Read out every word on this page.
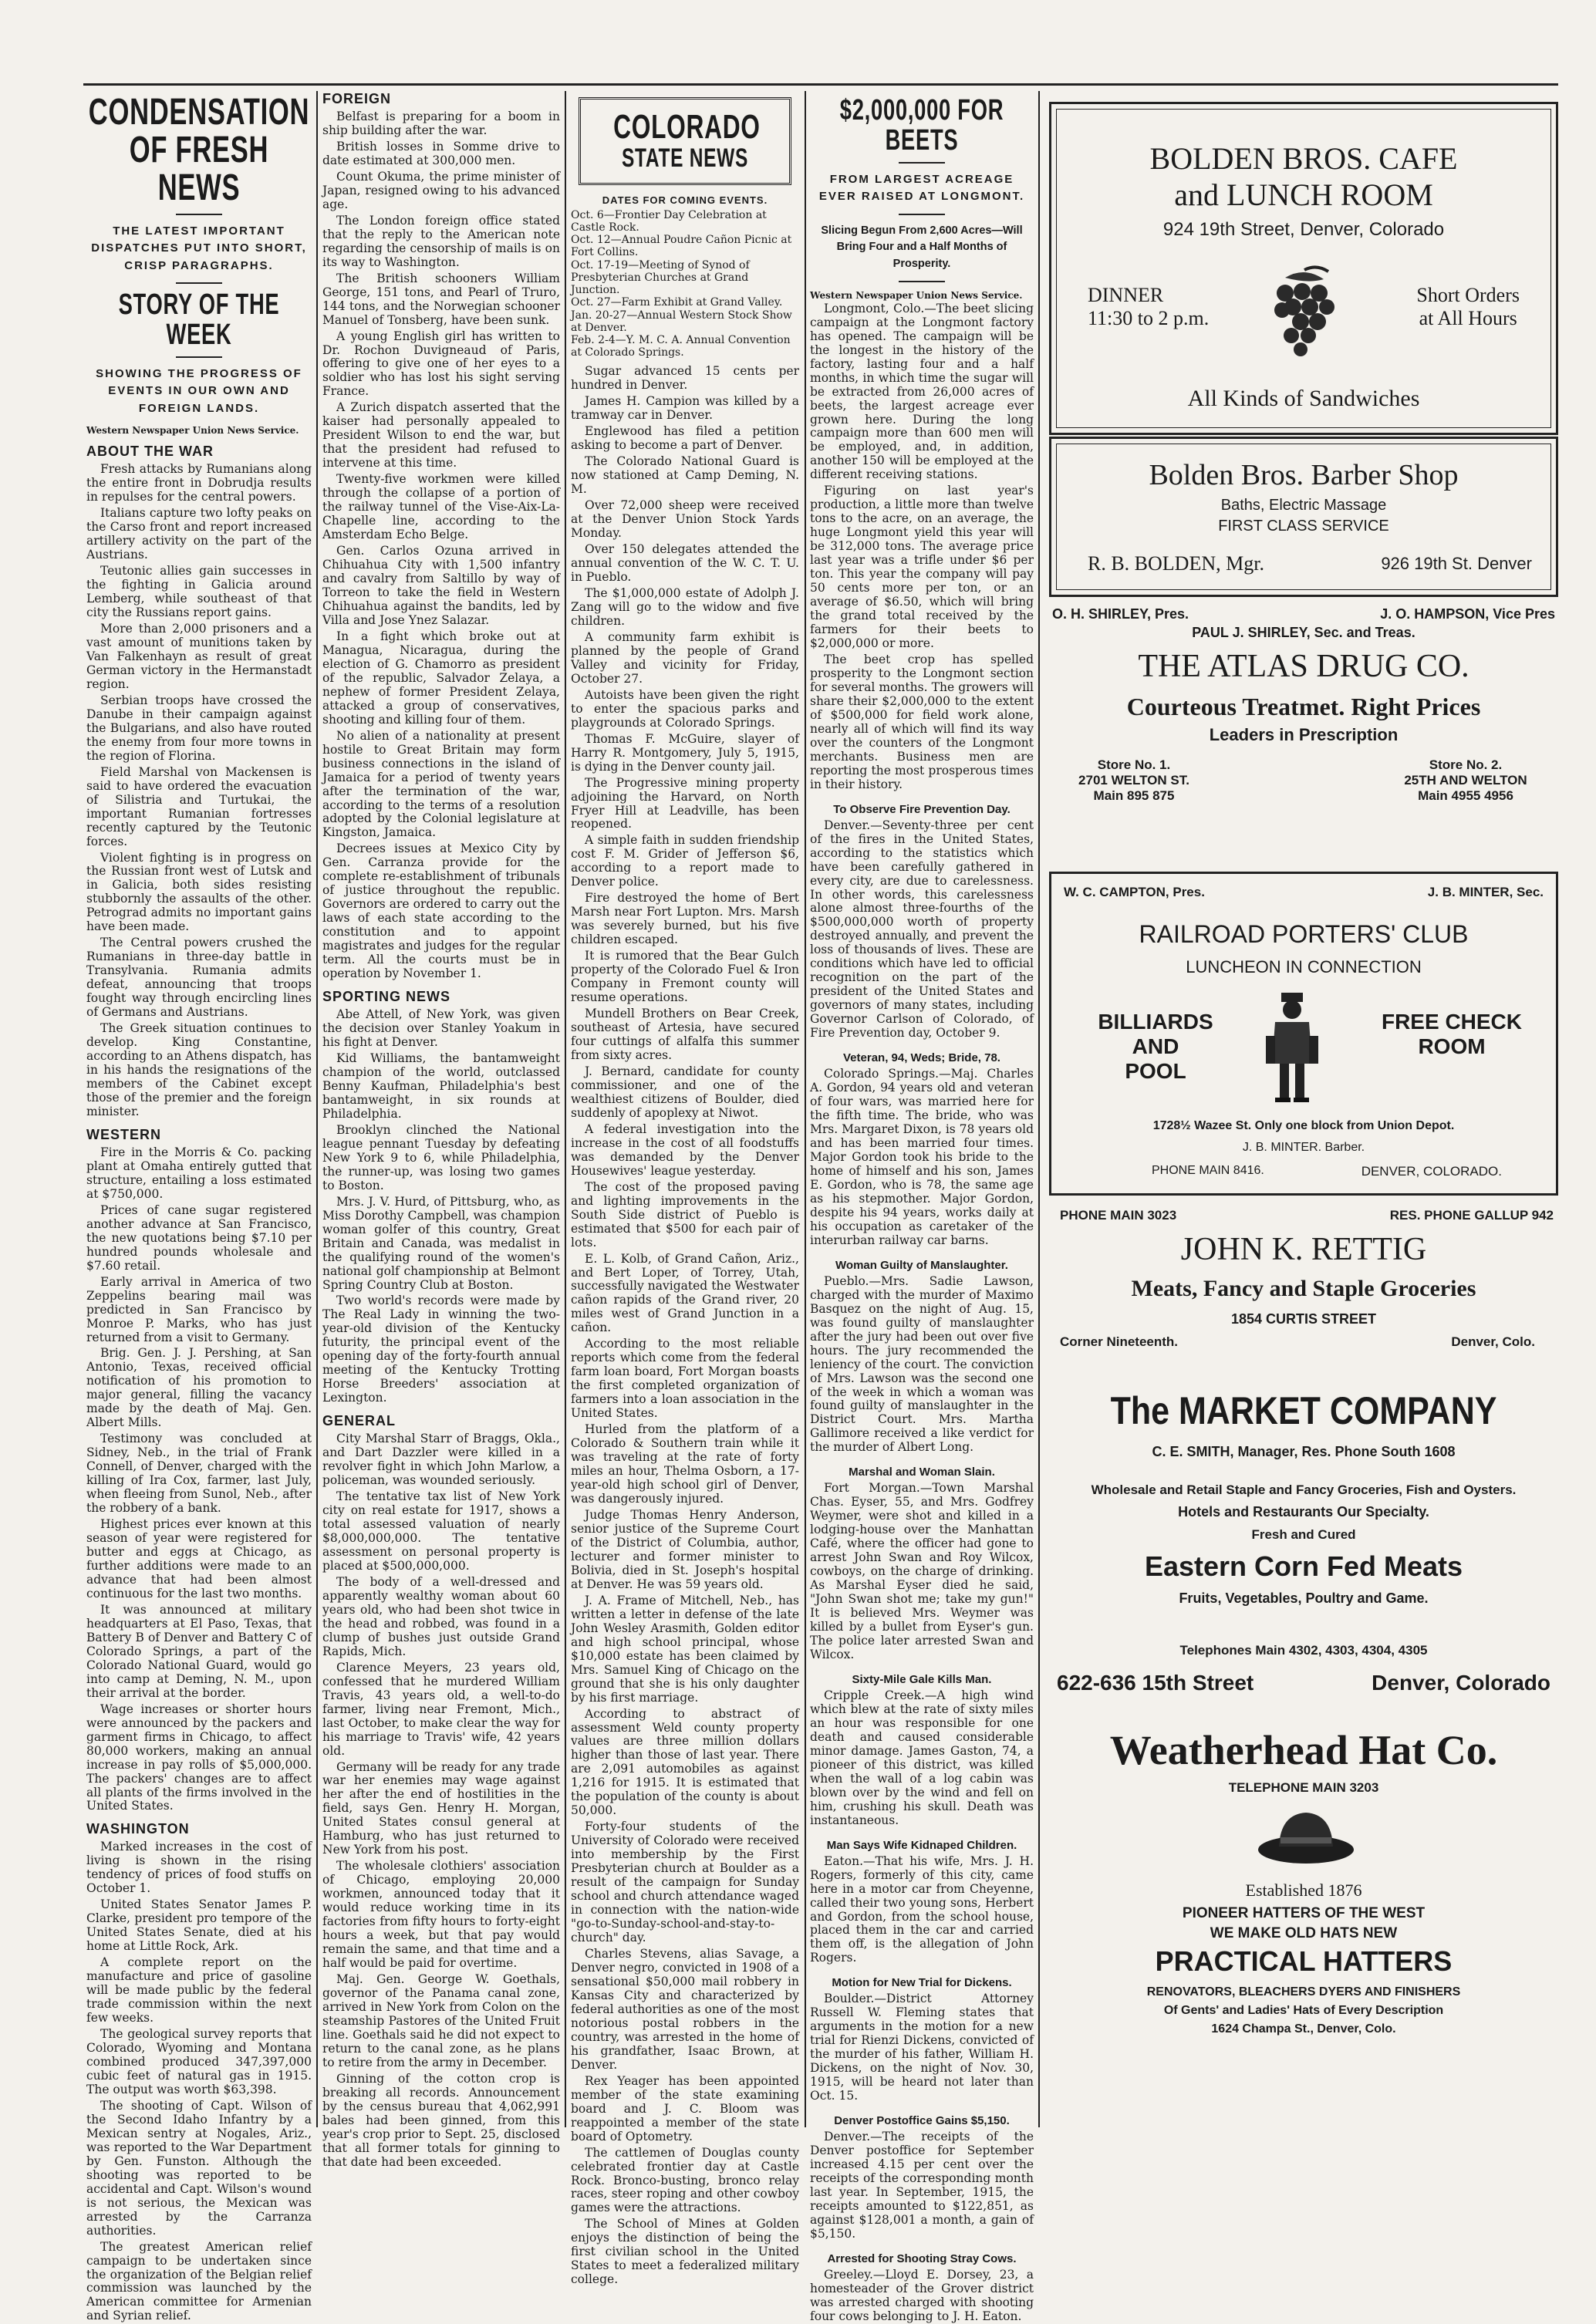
CONDENSATION OF FRESH NEWS
THE LATEST IMPORTANT DISPATCHES PUT INTO SHORT, CRISP PARAGRAPHS.
STORY OF THE WEEK
SHOWING THE PROGRESS OF EVENTS IN OUR OWN AND FOREIGN LANDS.
Western Newspaper Union News Service.
ABOUT THE WAR

Fresh attacks by Rumanians along the entire front in Dobrudja results in repulses for the central powers.

Italians capture two lofty peaks on the Carso front and report increased artillery activity on the part of the Austrians.

Teutonic allies gain successes in the fighting in Galicia around Lemberg, while southeast of that city the Russians report gains.

More than 2,000 prisoners and a vast amount of munitions taken by Van Falkenhayn as result of great German victory in the Hermanstadt region.

Serbian troops have crossed the Danube in their campaign against the Bulgarians, and also have routed the enemy from four more towns in the region of Florina.

Field Marshal von Mackensen is said to have ordered the evacuation of Silistria and Turtukai, the important Rumanian fortresses recently captured by the Teutonic forces.

Violent fighting is in progress on the Russian front west of Lutsk and in Galicia, both sides resisting stubbornly the assaults of the other. Petrograd admits no important gains have been made.

The Central powers crushed the Rumanians in three-day battle in Transylvania. Rumania admits defeat, announcing that troops fought way through encircling lines of Germans and Austrians.

The Greek situation continues to develop. King Constantine, according to an Athens dispatch, has in his hands the resignations of the members of the Cabinet except those of the premier and the foreign minister.

WESTERN

Fire in the Morris & Co. packing plant at Omaha entirely gutted that structure, entailing a loss estimated at $750,000.

Prices of cane sugar registered another advance at San Francisco, the new quotations being $7.10 per hundred pounds wholesale and $7.60 retail.

Early arrival in America of two Zeppelins bearing mail was predicted in San Francisco by Monroe P. Marks, who has just returned from a visit to Germany.

Brig. Gen. J. J. Pershing, at San Antonio, Texas, received official notification of his promotion to major general, filling the vacancy made by the death of Maj. Gen. Albert Mills.

Testimony was concluded at Sidney, Neb., in the trial of Frank Connell, of Denver, charged with the killing of Ira Cox, farmer, last July, when fleeing from Sunol, Neb., after the robbery of a bank.

Highest prices ever known at this season of year were registered for butter and eggs at Chicago, as further additions were made to an advance that had been almost continuous for the last two months.

It was announced at military headquarters at El Paso, Texas, that Battery B of Denver and Battery C of Colorado Springs, a part of the Colorado National Guard, would go into camp at Deming, N. M., upon their arrival at the border.

Wage increases or shorter hours were announced by the packers and garment firms in Chicago, to affect 80,000 workers, making an annual increase in pay rolls of $5,000,000. The packers' changes are to affect all plants of the firms involved in the United States.

WASHINGTON

Marked increases in the cost of living is shown in the rising tendency of prices of food stuffs on October 1.

United States Senator James P. Clarke, president pro tempore of the United States Senate, died at his home at Little Rock, Ark.

A complete report on the manufacture and price of gasoline will be made public by the federal trade commission within the next few weeks.

The geological survey reports that Colorado, Wyoming and Montana combined produced 347,397,000 cubic feet of natural gas in 1915. The output was worth $63,398.

The shooting of Capt. Wilson of the Second Idaho Infantry by a Mexican sentry at Nogales, Ariz., was reported to the War Department by Gen. Funston. Although the shooting was reported to be accidental and Capt. Wilson's wound is not serious, the Mexican was arrested by the Carranza authorities.

The greatest American relief campaign to be undertaken since the organization of the Belgian relief commission was launched by the American committee for Armenian and Syrian relief.

FOREIGN

Belfast is preparing for a boom in ship building after the war.

British losses in Somme drive to date estimated at 300,000 men.

Count Okuma, the prime minister of Japan, resigned owing to his advanced age.

The London foreign office stated that the reply to the American note regarding the censorship of mails is on its way to Washington.

The British schooners William George, 151 tons, and Pearl of Truro, 144 tons, and the Norwegian schooner Manuel of Tonsberg, have been sunk.

A young English girl has written to Dr. Rochon Duvigneaud of Paris, offering to give one of her eyes to a soldier who has lost his sight serving France.

A Zurich dispatch asserted that the kaiser had personally appealed to President Wilson to end the war, but that the president had refused to intervene at this time.

Twenty-five workmen were killed through the collapse of a portion of the railway tunnel of the Vise-Aix-La-Chapelle line, according to the Amsterdam Echo Belge.

Gen. Carlos Ozuna arrived in Chihuahua City with 1,500 infantry and cavalry from Saltillo by way of Torreon to take the field in Western Chihuahua against the bandits, led by Villa and Jose Ynez Salazar.

In a fight which broke out at Managua, Nicaragua, during the election of G. Chamorro as president of the republic, Salvador Zelaya, a nephew of former President Zelaya, attacked a group of conservatives, shooting and killing four of them.

No alien of a nationality at present hostile to Great Britain may form business connections in the island of Jamaica for a period of twenty years after the termination of the war, according to the terms of a resolution adopted by the Colonial legislature at Kingston, Jamaica.

Decrees issues at Mexico City by Gen. Carranza provide for the complete re-establishment of tribunals of justice throughout the republic. Governors are ordered to carry out the laws of each state according to the constitution and to appoint magistrates and judges for the regular term. All the courts must be in operation by November 1.

SPORTING NEWS

Abe Attell, of New York, was given the decision over Stanley Yoakum in his fight at Denver.

Kid Williams, the bantamweight champion of the world, outclassed Benny Kaufman, Philadelphia's best bantamweight, in six rounds at Philadelphia.

Brooklyn clinched the National league pennant Tuesday by defeating New York 9 to 6, while Philadelphia, the runner-up, was losing two games to Boston.

Mrs. J. V. Hurd, of Pittsburg, who, as Miss Dorothy Campbell, was champion woman golfer of this country, Great Britain and Canada, was medalist in the qualifying round of the women's national golf championship at Belmont Spring Country Club at Boston.

Two world's records were made by The Real Lady in winning the two-year-old division of the Kentucky futurity, the principal event of the opening day of the forty-fourth annual meeting of the Kentucky Trotting Horse Breeders' association at Lexington.

GENERAL

City Marshal Starr of Braggs, Okla., and Dart Dazzler were killed in a revolver fight in which John Marlow, a policeman, was wounded seriously.

The tentative tax list of New York city on real estate for 1917, shows a total assessed valuation of nearly $8,000,000,000. The tentative assessment on personal property is placed at $500,000,000.

The body of a well-dressed and apparently wealthy woman about 60 years old, who had been shot twice in the head and robbed, was found in a clump of bushes just outside Grand Rapids, Mich.

Clarence Meyers, 23 years old, confessed that he murdered William Travis, 43 years old, a well-to-do farmer, living near Fremont, Mich., last October, to make clear the way for his marriage to Travis' wife, 42 years old.

Germany will be ready for any trade war her enemies may wage against her after the end of hostilities in the field, says Gen. Henry H. Morgan, United States consul general at Hamburg, who has just returned to New York from his post.

The wholesale clothiers' association of Chicago, employing 20,000 workmen, announced today that it would reduce working time in its factories from fifty hours to forty-eight hours a week, but that pay would remain the same, and that time and a half would be paid for overtime.

Maj. Gen. George W. Goethals, governor of the Panama canal zone, arrived in New York from Colon on the steamship Pastores of the United Fruit line. Goethals said he did not expect to return to the canal zone, as he plans to retire from the army in December.

Ginning of the cotton crop is breaking all records. Announcement by the census bureau that 4,062,991 bales had been ginned, from this year's crop prior to Sept. 25, disclosed that all former totals for ginning to that date had been exceeded.

COLORADO
STATE NEWS
DATES FOR COMING EVENTS.
Oct. 6—Frontier Day Celebration at Castle Rock.
Oct. 12—Annual Poudre Cañon Picnic at Fort Collins.
Oct. 17-19—Meeting of Synod of Presbyterian Churches at Grand Junction.
Oct. 27—Farm Exhibit at Grand Valley.
Jan. 20-27—Annual Western Stock Show at Denver.
Feb. 2-4—Y. M. C. A. Annual Convention at Colorado Springs.

Sugar advanced 15 cents per hundred in Denver.

James H. Campion was killed by a tramway car in Denver.

Englewood has filed a petition asking to become a part of Denver.

The Colorado National Guard is now stationed at Camp Deming, N. M.

Over 72,000 sheep were received at the Denver Union Stock Yards Monday.

Over 150 delegates attended the annual convention of the W. C. T. U. in Pueblo.

The $1,000,000 estate of Adolph J. Zang will go to the widow and five children.

A community farm exhibit is planned by the people of Grand Valley and vicinity for Friday, October 27.

Autoists have been given the right to enter the spacious parks and playgrounds at Colorado Springs.

Thomas F. McGuire, slayer of Harry R. Montgomery, July 5, 1915, is dying in the Denver county jail.

The Progressive mining property adjoining the Harvard, on North Fryer Hill at Leadville, has been reopened.

A simple faith in sudden friendship cost F. M. Grider of Jefferson $6, according to a report made to Denver police.

Fire destroyed the home of Bert Marsh near Fort Lupton. Mrs. Marsh was severely burned, but his five children escaped.

It is rumored that the Bear Gulch property of the Colorado Fuel & Iron Company in Fremont county will resume operations.

Mundell Brothers on Bear Creek, southeast of Artesia, have secured four cuttings of alfalfa this summer from sixty acres.

J. Bernard, candidate for county commissioner, and one of the wealthiest citizens of Boulder, died suddenly of apoplexy at Niwot.

A federal investigation into the increase in the cost of all foodstuffs was demanded by the Denver Housewives' league yesterday.

The cost of the proposed paving and lighting improvements in the South Side district of Pueblo is estimated that $500 for each pair of lots.

E. L. Kolb, of Grand Cañon, Ariz., and Bert Loper, of Torrey, Utah, successfully navigated the Westwater cañon rapids of the Grand river, 20 miles west of Grand Junction in a cañon.

According to the most reliable reports which come from the federal farm loan board, Fort Morgan boasts the first completed organization of farmers into a loan association in the United States.

Hurled from the platform of a Colorado & Southern train while it was traveling at the rate of forty miles an hour, Thelma Osborn, a 17-year-old high school girl of Denver, was dangerously injured.

Judge Thomas Henry Anderson, senior justice of the Supreme Court of the District of Columbia, author, lecturer and former minister to Bolivia, died in St. Joseph's hospital at Denver. He was 59 years old.

J. A. Frame of Mitchell, Neb., has written a letter in defense of the late John Wesley Arasmith, Golden editor and high school principal, whose $10,000 estate has been claimed by Mrs. Samuel King of Chicago on the ground that she is his only daughter by his first marriage.

According to abstract of assessment Weld county property values are three million dollars higher than those of last year. There are 2,091 automobiles as against 1,216 for 1915. It is estimated that the population of the county is about 50,000.

Forty-four students of the University of Colorado were received into membership by the First Presbyterian church at Boulder as a result of the campaign for Sunday school and church attendance waged in connection with the nation-wide "go-to-Sunday-school-and-stay-to-church" day.

Charles Stevens, alias Savage, a Denver negro, convicted in 1908 of a sensational $50,000 mail robbery in Kansas City and characterized by federal authorities as one of the most notorious postal robbers in the country, was arrested in the home of his grandfather, Isaac Brown, at Denver.

Rex Yeager has been appointed member of the state examining board and J. C. Bloom was reappointed a member of the state board of Optometry.

The cattlemen of Douglas county celebrated frontier day at Castle Rock. Bronco-busting, bronco relay races, steer roping and other cowboy games were the attractions.

The School of Mines at Golden enjoys the distinction of being the first civilian school in the United States to meet a federalized military college.

$2,000,000 FOR BEETS
FROM LARGEST ACREAGE EVER RAISED AT LONGMONT.
Slicing Begun From 2,600 Acres—Will Bring Four and a Half Months of Prosperity.
Western Newspaper Union News Service.

Longmont, Colo.—The beet slicing campaign at the Longmont factory has opened. The campaign will be the longest in the history of the factory, lasting four and a half months, in which time the sugar will be extracted from 26,000 acres of beets, the largest acreage ever grown here. During the long campaign more than 600 men will be employed, and, in addition, another 150 will be employed at the different receiving stations.

Figuring on last year's production, a little more than twelve tons to the acre, on an average, the huge Longmont yield this year will be 312,000 tons. The average price last year was a trifle under $6 per ton. This year the company will pay 50 cents more per ton, or an average of $6.50, which will bring the grand total received by the farmers for their beets to $2,000,000 or more.

The beet crop has spelled prosperity to the Longmont section for several months. The growers will share their $2,000,000 to the extent of $500,000 for field work alone, nearly all of which will find its way over the counters of the Longmont merchants. Business men are reporting the most prosperous times in their history.

To Observe Fire Prevention Day.

Denver.—Seventy-three per cent of the fires in the United States, according to the statistics which have been carefully gathered in every city, are due to carelessness. In other words, this carelessness alone almost three-fourths of the $500,000,000 worth of property destroyed annually, and prevent the loss of thousands of lives. These are conditions which have led to official recognition on the part of the president of the United States and governors of many states, including Governor Carlson of Colorado, of Fire Prevention day, October 9.

Veteran, 94, Weds; Bride, 78.

Colorado Springs.—Maj. Charles A. Gordon, 94 years old and veteran of four wars, was married here for the fifth time. The bride, who was Mrs. Margaret Dixon, is 78 years old and has been married four times. Major Gordon took his bride to the home of himself and his son, James E. Gordon, who is 78, the same age as his stepmother. Major Gordon, despite his 94 years, works daily at his occupation as caretaker of the interurban railway car barns.

Woman Guilty of Manslaughter.

Pueblo.—Mrs. Sadie Lawson, charged with the murder of Maximo Basquez on the night of Aug. 15, was found guilty of manslaughter after the jury had been out over five hours. The jury recommended the leniency of the court. The conviction of Mrs. Lawson was the second one of the week in which a woman was found guilty of manslaughter in the District Court. Mrs. Martha Gallimore received a like verdict for the murder of Albert Long.

Marshal and Woman Slain.

Fort Morgan.—Town Marshal Chas. Eyser, 55, and Mrs. Godfrey Weymer, were shot and killed in a lodging-house over the Manhattan Café, where the officer had gone to arrest John Swan and Roy Wilcox, cowboys, on the charge of drinking. As Marshal Eyser died he said, "John Swan shot me; take my gun!" It is believed Mrs. Weymer was killed by a bullet from Eyser's gun. The police later arrested Swan and Wilcox.

Sixty-Mile Gale Kills Man.

Cripple Creek.—A high wind which blew at the rate of sixty miles an hour was responsible for one death and caused considerable minor damage. James Gaston, 74, a pioneer of this district, was killed when the wall of a log cabin was blown over by the wind and fell on him, crushing his skull. Death was instantaneous.

Man Says Wife Kidnaped Children.

Eaton.—That his wife, Mrs. J. H. Rogers, formerly of this city, came here in a motor car from Cheyenne, called their two young sons, Herbert and Gordon, from the school house, placed them in the car and carried them off, is the allegation of John Rogers.

Motion for New Trial for Dickens.

Boulder.—District Attorney Russell W. Fleming states that arguments in the motion for a new trial for Rienzi Dickens, convicted of the murder of his father, William H. Dickens, on the night of Nov. 30, 1915, will be heard not later than Oct. 15.

Denver Postoffice Gains $5,150.

Denver.—The receipts of the Denver postoffice for September increased 4.15 per cent over the receipts of the corresponding month last year. In September, 1915, the receipts amounted to $122,851, as against $128,001 a month, a gain of $5,150.

Arrested for Shooting Stray Cows.

Greeley.—Lloyd E. Dorsey, 23, a homesteader of the Grover district was arrested charged with shooting four cows belonging to J. H. Eaton.

BOLDEN BROS. CAFE
and LUNCH ROOM
924 19th Street, Denver, Colorado
DINNER
11:30 to 2 p.m.
Short Orders
at All Hours
All Kinds of Sandwiches
Bolden Bros. Barber Shop
Baths, Electric Massage
FIRST CLASS SERVICE
R. B. BOLDEN, Mgr.	926 19th St. Denver
O. H. SHIRLEY, Pres.	J. O. HAMPSON, Vice Pres
PAUL J. SHIRLEY, Sec. and Treas.
THE ATLAS DRUG CO.
Courteous Treatmet. Right Prices
Leaders in Prescription
Store No. 1.
2701 WELTON ST.
Main 895 875
Store No. 2.
25TH AND WELTON
Main 4955 4956
W. C. CAMPTON, Pres.	J. B. MINTER, Sec.
RAILROAD PORTERS' CLUB
LUNCHEON IN CONNECTION
BILLIARDS AND
POOL
FREE CHECK
ROOM
1728½ Wazee St. Only one block from Union Depot.
J. B. MINTER. Barber.
PHONE MAIN 8416.	DENVER, COLORADO.
PHONE MAIN 3023	RES. PHONE GALLUP 942
JOHN K. RETTIG
Meats, Fancy and Staple Groceries
1854 CURTIS STREET
Corner Nineteenth.	Denver, Colo.
The MARKET COMPANY
C. E. SMITH, Manager, Res. Phone South 1608
Wholesale and Retail Staple and Fancy Groceries, Fish and Oysters.
Hotels and Restaurants Our Specialty.
Fresh and Cured
Eastern Corn Fed Meats
Fruits, Vegetables, Poultry and Game.
Telephones Main 4302, 4303, 4304, 4305
622-636 15th Street	Denver, Colorado
Weatherhead Hat Co.
TELEPHONE MAIN 3203
Established 1876
PIONEER HATTERS OF THE WEST
WE MAKE OLD HATS NEW
PRACTICAL HATTERS
RENOVATORS, BLEACHERS DYERS AND FINISHERS
Of Gents' and Ladies' Hats of Every Description
1624 Champa St., Denver, Colo.
